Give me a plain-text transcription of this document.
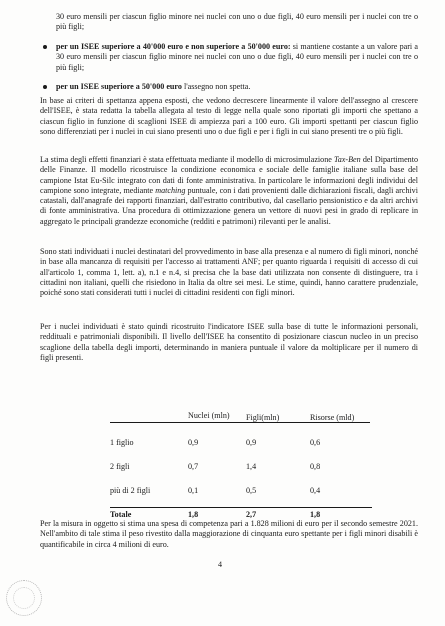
30 euro mensili per ciascun figlio minore nei nuclei con uno o due figli, 40 euro mensili per i nuclei con tre o più figli;

per un ISEE superiore a 40'000 euro e non superiore a 50'000 euro: si mantiene costante a un valore pari a 30 euro mensili per ciascun figlio minore nei nuclei con uno o due figli, 40 euro mensili per i nuclei con tre o più figli;

per un ISEE superiore a 50'000 euro l'assegno non spetta.

In base ai criteri di spettanza appena esposti, che vedono decrescere linearmente il valore dell'assegno al crescere dell'ISEE, è stata redatta la tabella allegata al testo di legge nella quale sono riportati gli importi che spettano a ciascun figlio in funzione di scaglioni ISEE di ampiezza pari a 100 euro. Gli importi spettanti per ciascun figlio sono differenziati per i nuclei in cui siano presenti uno o due figli e per i figli in cui siano presenti tre o più figli.

La stima degli effetti finanziari è stata effettuata mediante il modello di microsimulazione Tax-Ben del Dipartimento delle Finanze. Il modello ricostruisce la condizione economica e sociale delle famiglie italiane sulla base del campione Istat Eu-Silc integrato con dati di fonte amministrativa. In particolare le informazioni degli individui del campione sono integrate, mediante matching puntuale, con i dati provenienti dalle dichiarazioni fiscali, dagli archivi catastali, dall'anagrafe dei rapporti finanziari, dall'estratto contributivo, dal casellario pensionistico e da altri archivi di fonte amministrativa. Una procedura di ottimizzazione genera un vettore di nuovi pesi in grado di replicare in aggregato le principali grandezze economiche (redditi e patrimoni) rilevanti per le analisi.

Sono stati individuati i nuclei destinatari del provvedimento in base alla presenza e al numero di figli minori, nonché in base alla mancanza di requisiti per l'accesso ai trattamenti ANF; per quanto riguarda i requisiti di accesso di cui all'articolo 1, comma 1, lett. a), n.1 e n.4, si precisa che la base dati utilizzata non consente di distinguere, tra i cittadini non italiani, quelli che risiedono in Italia da oltre sei mesi. Le stime, quindi, hanno carattere prudenziale, poiché sono stati considerati tutti i nuclei di cittadini residenti con figli minori.

Per i nuclei individuati è stato quindi ricostruito l'indicatore ISEE sulla base di tutte le informazioni personali, reddituali e patrimoniali disponibili. Il livello dell'ISEE ha consentito di posizionare ciascun nucleo in un preciso scaglione della tabella degli importi, determinando in maniera puntuale il valore da moltiplicare per il numero di figli presenti.

	Nuclei (mln)	Figli(mln)	Risorse (mld)
1 figlio	0,9	0,9	0,6
2 figli	0,7	1,4	0,8
più di 2 figli	0,1	0,5	0,4
Totale	1,8	2,7	1,8

Per la misura in oggetto si stima una spesa di competenza pari a 1.828 milioni di euro per il secondo semestre 2021. Nell'ambito di tale stima il peso rivestito dalla maggiorazione di cinquanta euro spettante per i figli minori disabili è quantificabile in circa 4 milioni di euro.

4
